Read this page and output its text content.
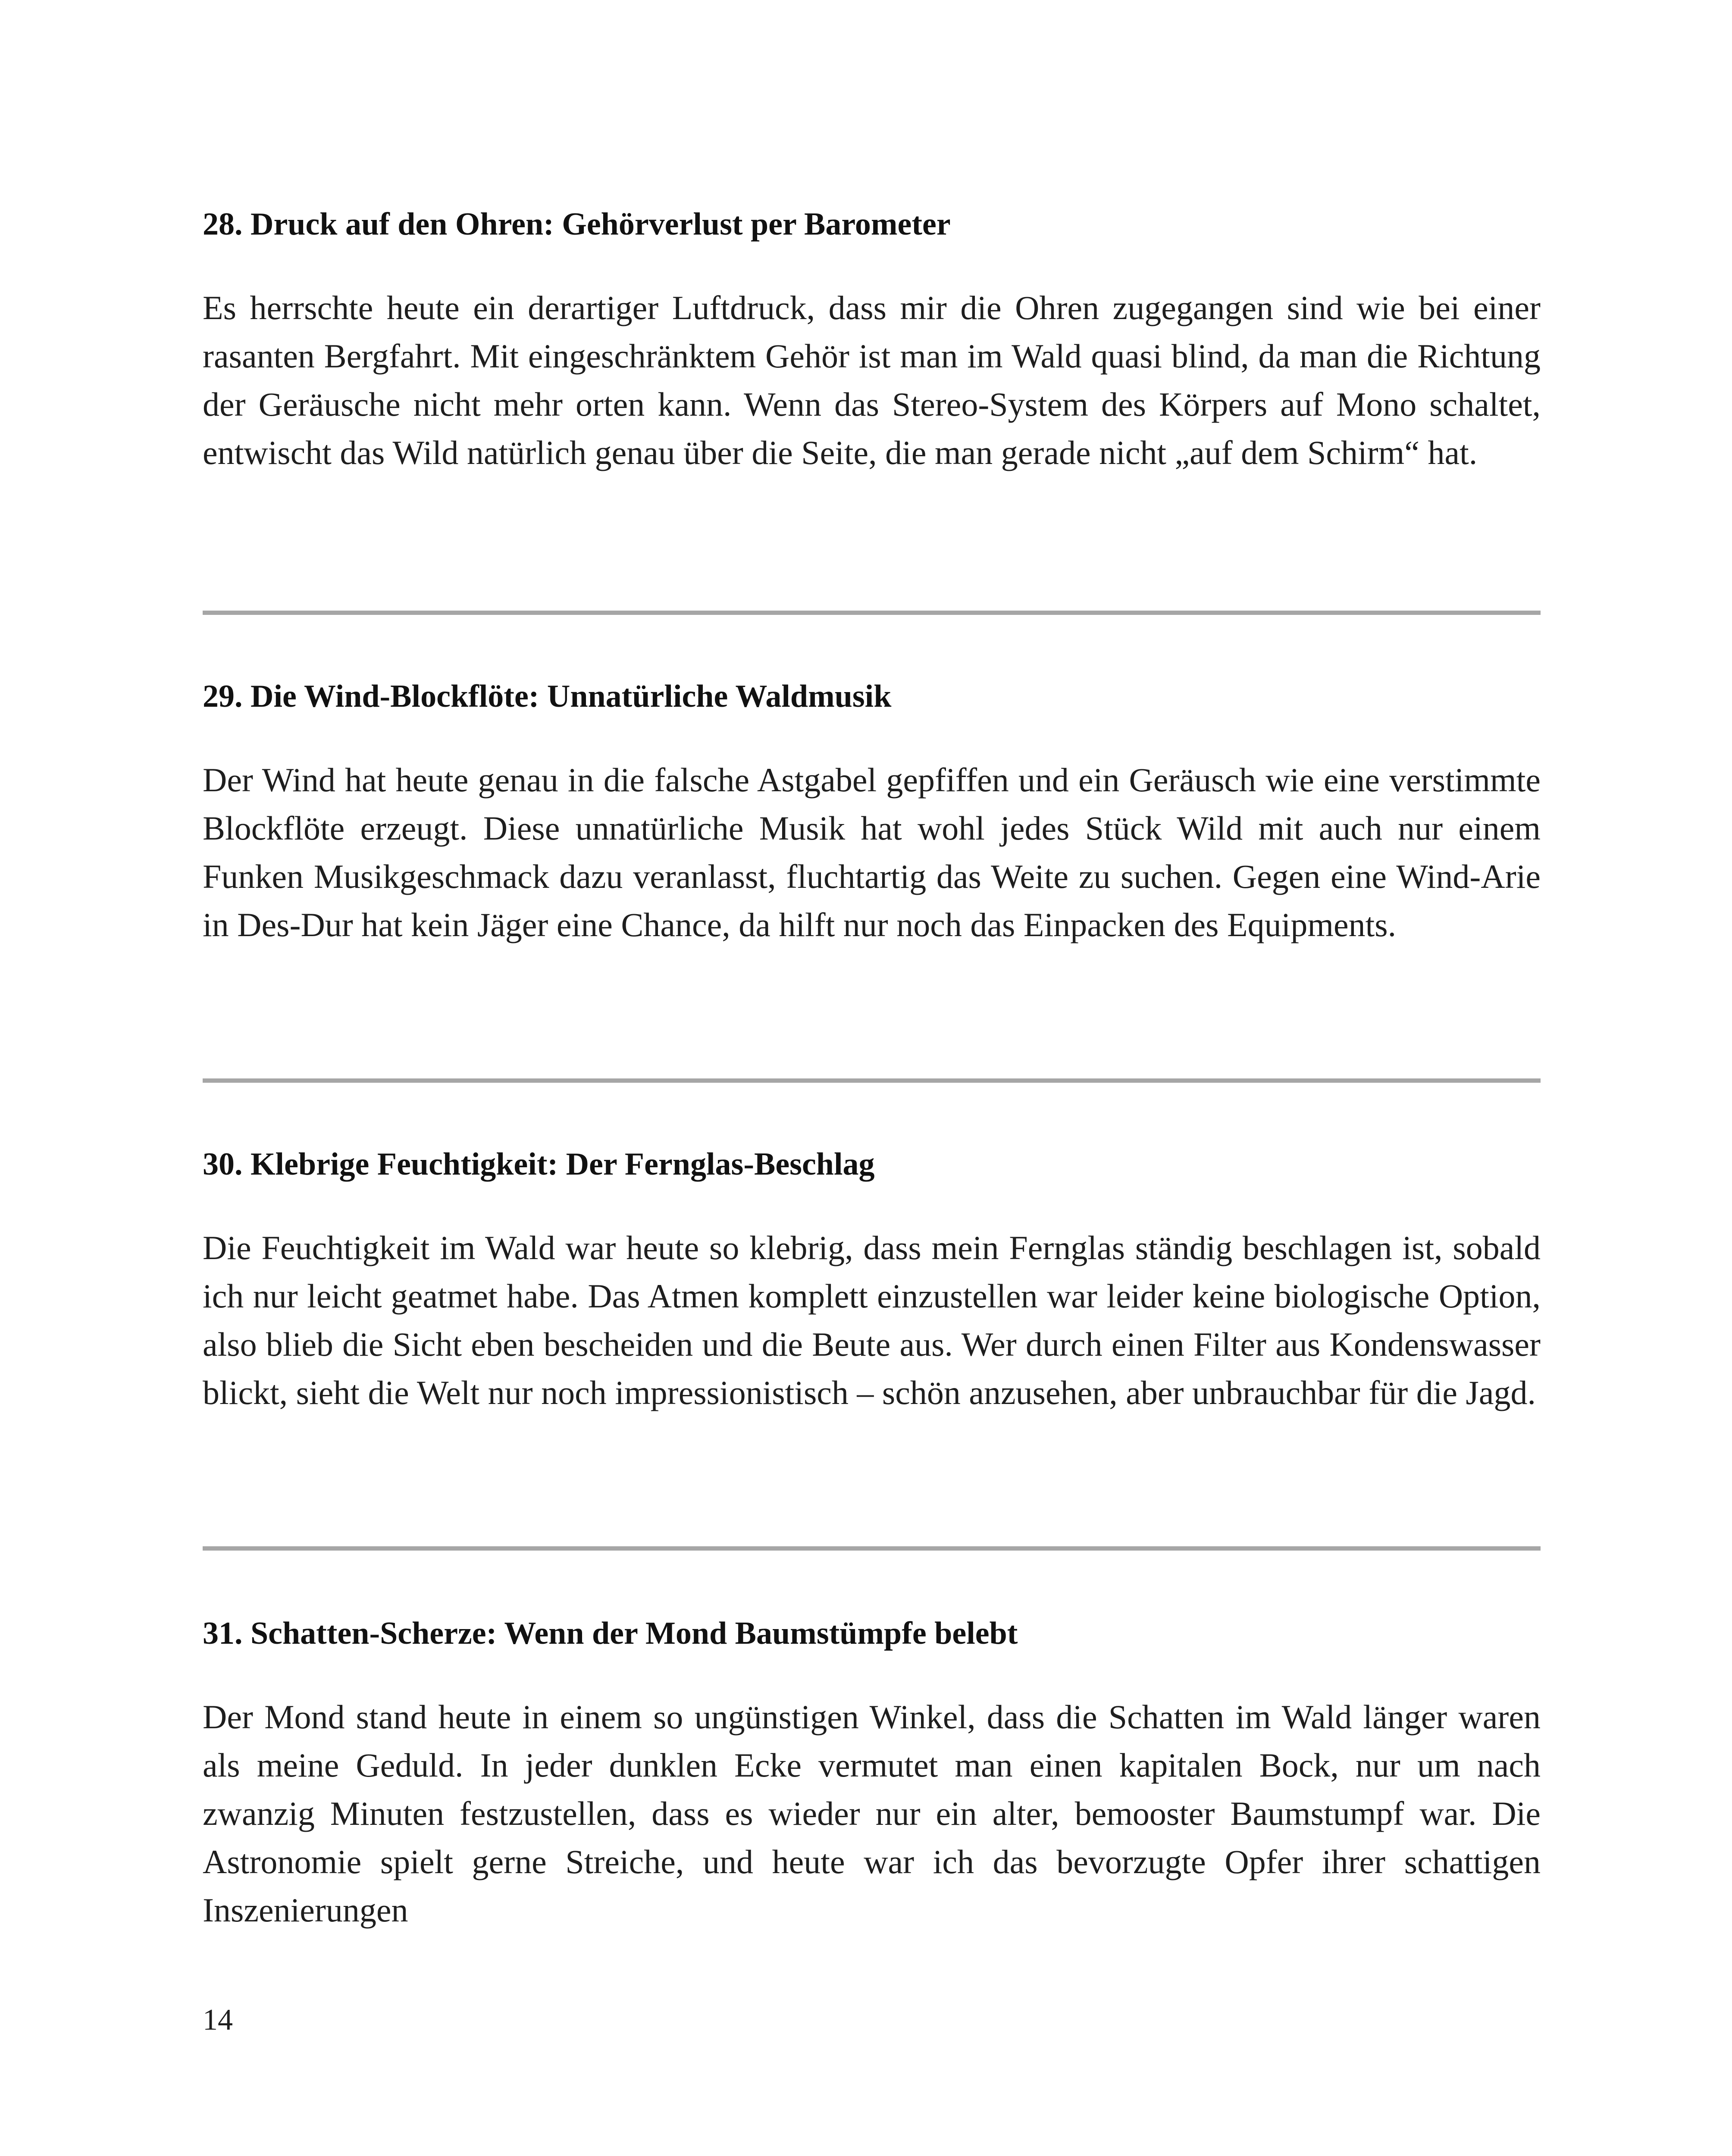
28. Druck auf den Ohren: Gehörverlust per Barometer

Es herrschte heute ein derartiger Luftdruck, dass mir die Ohren zugegangen sind wie bei einer rasanten Bergfahrt. Mit eingeschränktem Gehör ist man im Wald quasi blind, da man die Richtung der Geräusche nicht mehr orten kann. Wenn das Stereo-System des Körpers auf Mono schaltet, entwischt das Wild natürlich genau über die Seite, die man gerade nicht „auf dem Schirm“ hat.

29. Die Wind-Blockflöte: Unnatürliche Waldmusik

Der Wind hat heute genau in die falsche Astgabel gepfiffen und ein Geräusch wie eine verstimmte Blockflöte erzeugt. Diese unnatürliche Musik hat wohl jedes Stück Wild mit auch nur einem Funken Musikgeschmack dazu veranlasst, fluchtartig das Weite zu suchen. Gegen eine Wind-Arie in Des-Dur hat kein Jäger eine Chance, da hilft nur noch das Einpacken des Equipments.

30. Klebrige Feuchtigkeit: Der Fernglas-Beschlag

Die Feuchtigkeit im Wald war heute so klebrig, dass mein Fernglas ständig beschlagen ist, sobald ich nur leicht geatmet habe. Das Atmen komplett einzustellen war leider keine biologische Option, also blieb die Sicht eben bescheiden und die Beute aus. Wer durch einen Filter aus Kondenswasser blickt, sieht die Welt nur noch impressionistisch – schön anzusehen, aber unbrauchbar für die Jagd.

31. Schatten-Scherze: Wenn der Mond Baumstümpfe belebt

Der Mond stand heute in einem so ungünstigen Winkel, dass die Schatten im Wald länger waren als meine Geduld. In jeder dunklen Ecke vermutet man einen kapitalen Bock, nur um nach zwanzig Minuten festzustellen, dass es wieder nur ein alter, bemooster Baumstumpf war. Die Astronomie spielt gerne Streiche, und heute war ich das bevorzugte Opfer ihrer schattigen Inszenierungen

14
